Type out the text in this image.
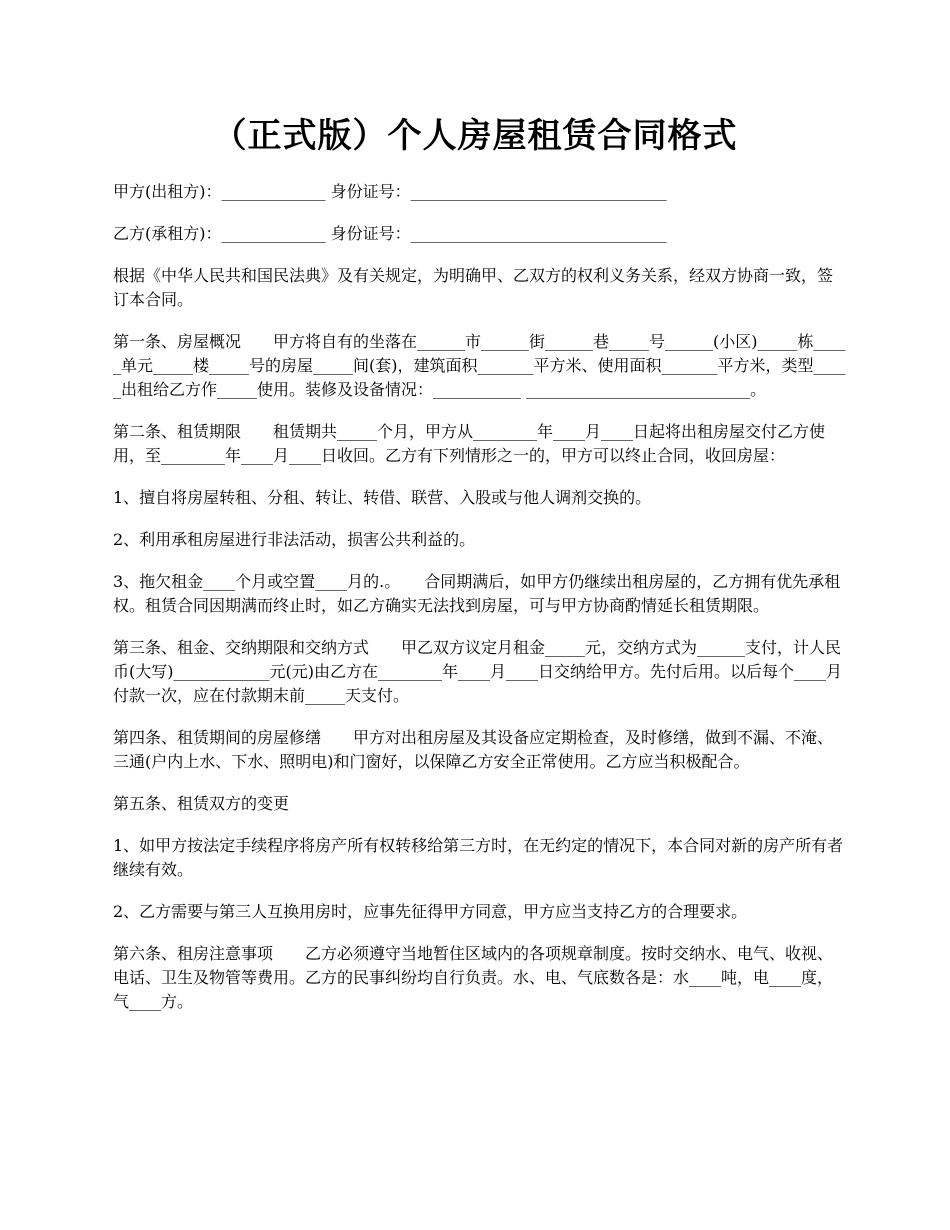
（正式版）个人房屋租赁合同格式

甲方(出租方)：_____________ 身份证号：________________________________

乙方(承租方)：_____________ 身份证号：________________________________

根据《中华人民共和国民法典》及有关规定，为明确甲、乙双方的权利义务关系，经双方协商一致，签订本合同。

第一条、房屋概况　　甲方将自有的坐落在______市______街______巷_____号______(小区)_____栋_____单元_____楼_____号的房屋_____间(套)，建筑面积_______平方米、使用面积_______平方米，类型_____出租给乙方作_____使用。装修及设备情况：___________ ____________________________。

第二条、租赁期限　　租赁期共_____个月，甲方从________年____月____日起将出租房屋交付乙方使用，至________年____月____日收回。乙方有下列情形之一的，甲方可以终止合同，收回房屋：

1、擅自将房屋转租、分租、转让、转借、联营、入股或与他人调剂交换的。

2、利用承租房屋进行非法活动，损害公共利益的。

3、拖欠租金____个月或空置____月的.。　　合同期满后，如甲方仍继续出租房屋的，乙方拥有优先承租权。租赁合同因期满而终止时，如乙方确实无法找到房屋，可与甲方协商酌情延长租赁期限。

第三条、租金、交纳期限和交纳方式　　甲乙双方议定月租金_____元，交纳方式为______支付，计人民币(大写)____________元(元)由乙方在________年____月____日交纳给甲方。先付后用。以后每个____月付款一次，应在付款期末前_____天支付。

第四条、租赁期间的房屋修缮　　甲方对出租房屋及其设备应定期检查，及时修缮，做到不漏、不淹、三通(户内上水、下水、照明电)和门窗好，以保障乙方安全正常使用。乙方应当积极配合。

第五条、租赁双方的变更

1、如甲方按法定手续程序将房产所有权转移给第三方时，在无约定的情况下，本合同对新的房产所有者继续有效。

2、乙方需要与第三人互换用房时，应事先征得甲方同意，甲方应当支持乙方的合理要求。

第六条、租房注意事项　　乙方必须遵守当地暂住区域内的各项规章制度。按时交纳水、电气、收视、电话、卫生及物管等费用。乙方的民事纠纷均自行负责。水、电、气底数各是：水____吨，电____度，气____方。
